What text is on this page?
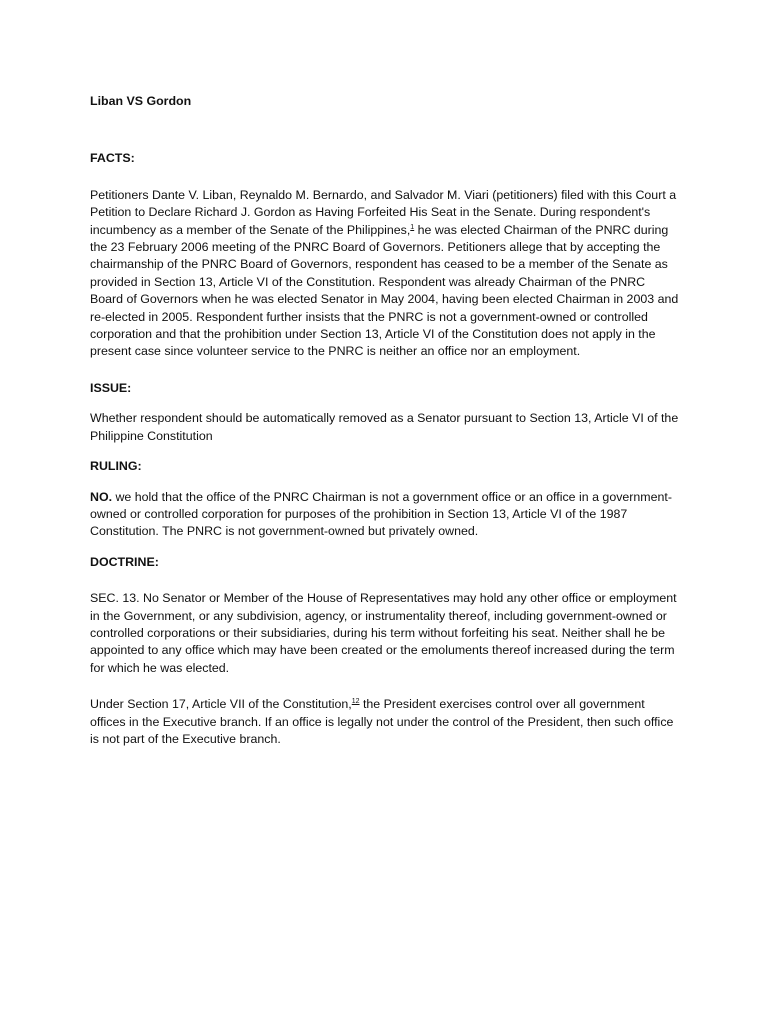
Liban VS Gordon

FACTS:

Petitioners Dante V. Liban, Reynaldo M. Bernardo, and Salvador M. Viari (petitioners) filed with this Court a Petition to Declare Richard J. Gordon as Having Forfeited His Seat in the Senate. During respondent's incumbency as a member of the Senate of the Philippines,$^1$ he was elected Chairman of the PNRC during the 23 February 2006 meeting of the PNRC Board of Governors. Petitioners allege that by accepting the chairmanship of the PNRC Board of Governors, respondent has ceased to be a member of the Senate as provided in Section 13, Article VI of the Constitution. Respondent was already Chairman of the PNRC Board of Governors when he was elected Senator in May 2004, having been elected Chairman in 2003 and re-elected in 2005. Respondent further insists that the PNRC is not a government-owned or controlled corporation and that the prohibition under Section 13, Article VI of the Constitution does not apply in the present case since volunteer service to the PNRC is neither an office nor an employment.

ISSUE:

Whether respondent should be automatically removed as a Senator pursuant to Section 13, Article VI of the Philippine Constitution

RULING:

NO. we hold that the office of the PNRC Chairman is not a government office or an office in a government-owned or controlled corporation for purposes of the prohibition in Section 13, Article VI of the 1987 Constitution. The PNRC is not government-owned but privately owned.

DOCTRINE:

SEC. 13. No Senator or Member of the House of Representatives may hold any other office or employment in the Government, or any subdivision, agency, or instrumentality thereof, including government-owned or controlled corporations or their subsidiaries, during his term without forfeiting his seat. Neither shall he be appointed to any office which may have been created or the emoluments thereof increased during the term for which he was elected.

Under Section 17, Article VII of the Constitution,$^{12}$ the President exercises control over all government offices in the Executive branch. If an office is legally not under the control of the President, then such office is not part of the Executive branch.
